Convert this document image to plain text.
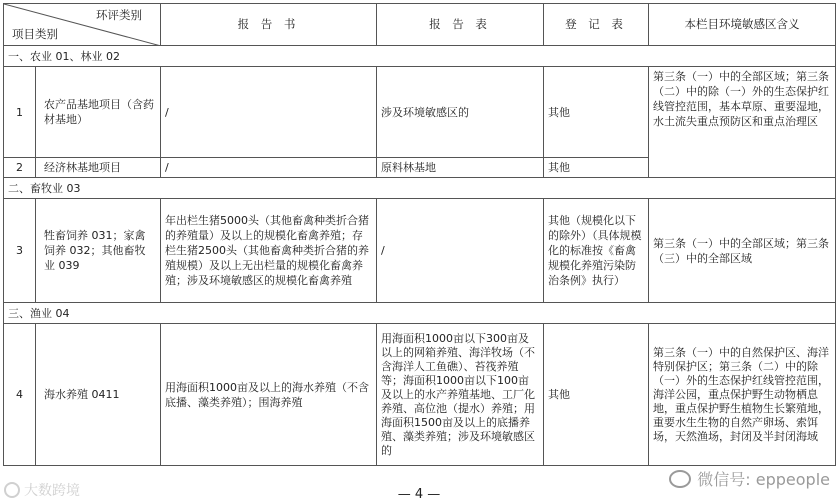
环评类别
项目类别		报 告 书	报 告 表	登 记 表	本栏目环境敏感区含义
一、农业 01、林业 02					
1	农产品基地项目（含药材基地）	/	涉及环境敏感区的	其他	第三条（一）中的全部区域；第三条（二）中的除（一）外的生态保护红线管控范围，基本草原、重要湿地，水土流失重点预防区和重点治理区
2	经济林基地项目	/	原料林基地	其他	
二、畜牧业 03					
3	牲畜饲养 031；家禽饲养 032；其他畜牧业 039	年出栏生猪5000头（其他畜禽种类折合猪的养殖量）及以上的规模化畜禽养殖；存栏生猪2500头（其他畜禽种类折合猪的养殖规模）及以上无出栏量的规模化畜禽养殖；涉及环境敏感区的规模化畜禽养殖	/	其他（规模化以下的除外）（具体规模化的标准按《畜禽规模化养殖污染防治条例》执行）	第三条（一）中的全部区域；第三条（三）中的全部区域
三、渔业 04					
4	海水养殖 0411	用海面积1000亩及以上的海水养殖（不含底播、藻类养殖）；围海养殖	用海面积1000亩以下300亩及以上的网箱养殖、海洋牧场（不含海洋人工鱼礁）、苔筏养殖等；海面积1000亩以下100亩及以上的水产养殖基地、工厂化养殖、高位池（提水）养殖；用海面积1500亩及以上的底播养殖、藻类养殖；涉及环境敏感区的	其他	第三条（一）中的自然保护区、海洋特别保护区；第三条（二）中的除（一）外的生态保护红线管控范围，海洋公园，重点保护野生动物栖息地，重点保护野生植物生长繁殖地，重要水生生物的自然产卵场、索饵场，天然渔场，封闭及半封闭海域
大数跨境
微信号: eppeople
— 4 —
